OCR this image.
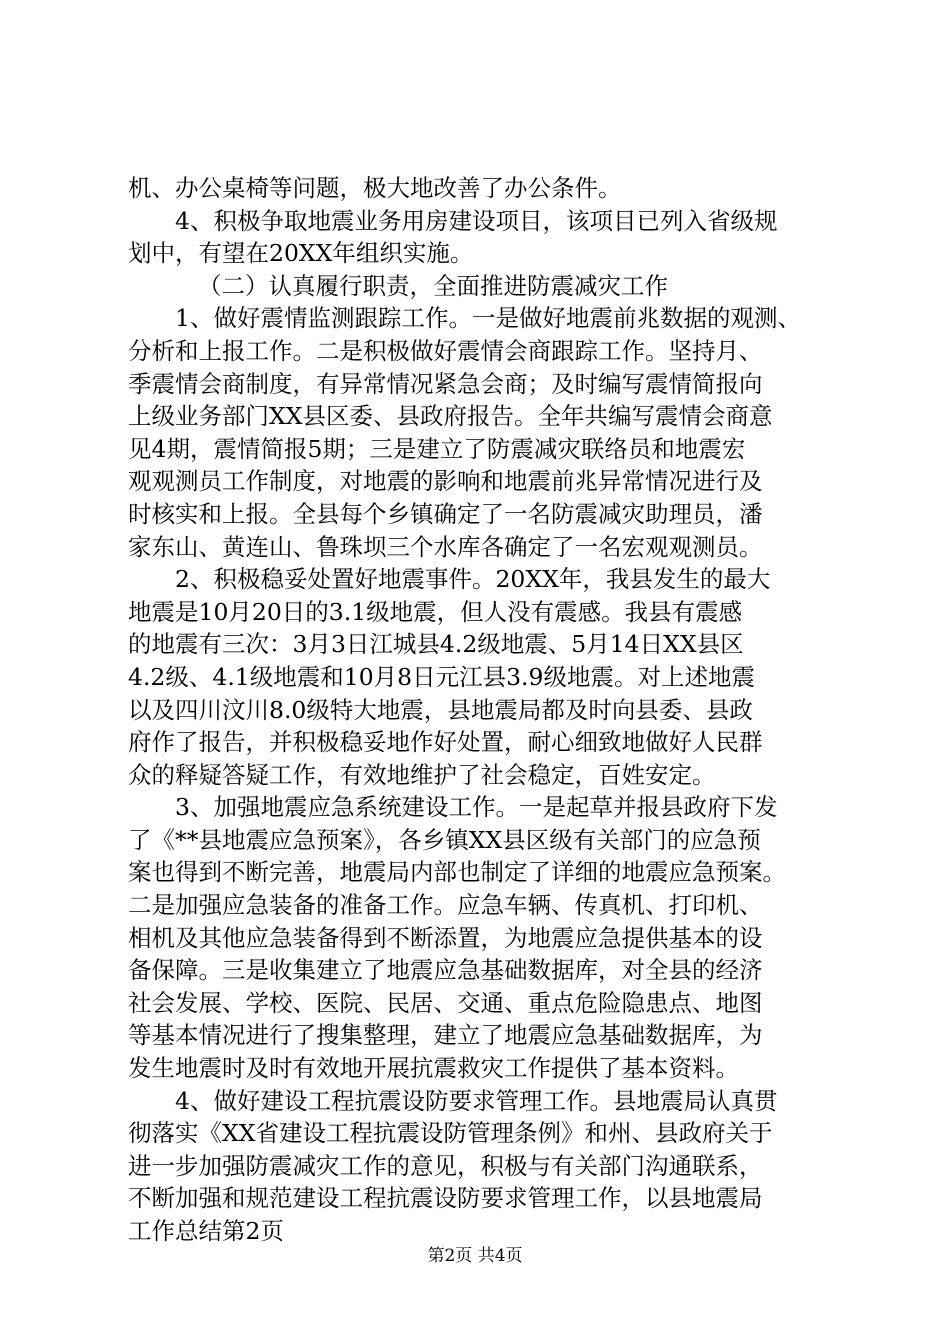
机、办公桌椅等问题，极大地改善了办公条件。
4、积极争取地震业务用房建设项目，该项目已列入省级规
划中，有望在20XX年组织实施。
（二）认真履行职责，全面推进防震减灾工作
1、做好震情监测跟踪工作。一是做好地震前兆数据的观测、
分析和上报工作。二是积极做好震情会商跟踪工作。坚持月、
季震情会商制度，有异常情况紧急会商；及时编写震情简报向
上级业务部门XX县区委、县政府报告。全年共编写震情会商意
见4期，震情简报5期；三是建立了防震减灾联络员和地震宏
观观测员工作制度，对地震的影响和地震前兆异常情况进行及
时核实和上报。全县每个乡镇确定了一名防震减灾助理员，潘
家东山、黄连山、鲁珠坝三个水库各确定了一名宏观观测员。
2、积极稳妥处置好地震事件。20XX年，我县发生的最大
地震是10月20日的3.1级地震，但人没有震感。我县有震感
的地震有三次：3月3日江城县4.2级地震、5月14日XX县区
4.2级、4.1级地震和10月8日元江县3.9级地震。对上述地震
以及四川汶川8.0级特大地震，县地震局都及时向县委、县政
府作了报告，并积极稳妥地作好处置，耐心细致地做好人民群
众的释疑答疑工作，有效地维护了社会稳定，百姓安定。
3、加强地震应急系统建设工作。一是起草并报县政府下发
了《**县地震应急预案》，各乡镇XX县区级有关部门的应急预
案也得到不断完善，地震局内部也制定了详细的地震应急预案。
二是加强应急装备的准备工作。应急车辆、传真机、打印机、
相机及其他应急装备得到不断添置，为地震应急提供基本的设
备保障。三是收集建立了地震应急基础数据库，对全县的经济
社会发展、学校、医院、民居、交通、重点危险隐患点、地图
等基本情况进行了搜集整理，建立了地震应急基础数据库，为
发生地震时及时有效地开展抗震救灾工作提供了基本资料。
4、做好建设工程抗震设防要求管理工作。县地震局认真贯
彻落实《XX省建设工程抗震设防管理条例》和州、县政府关于
进一步加强防震减灾工作的意见，积极与有关部门沟通联系，
不断加强和规范建设工程抗震设防要求管理工作，以县地震局
工作总结第2页
第2页 共4页
